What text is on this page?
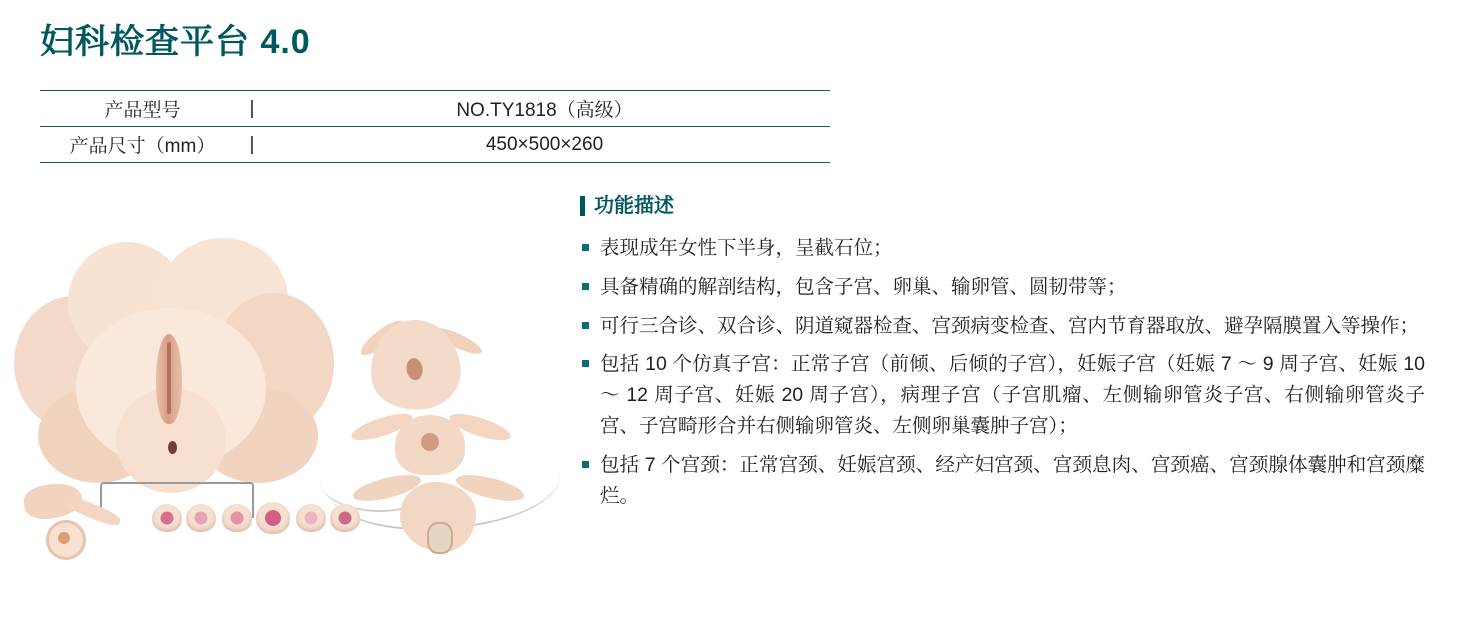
妇科检查平台 4.0
产品型号	|	NO.TY1818（高级）
产品尺寸（mm）	|	450×500×260
功能描述
表现成年女性下半身，呈截石位；
具备精确的解剖结构，包含子宫、卵巢、输卵管、圆韧带等；
可行三合诊、双合诊、阴道窥器检查、宫颈病变检查、宫内节育器取放、避孕隔膜置入等操作；
包括 10 个仿真子宫：正常子宫（前倾、后倾的子宫），妊娠子宫（妊娠 7 ～ 9 周子宫、妊娠 10 ～ 12 周子宫、妊娠 20 周子宫），病理子宫（子宫肌瘤、左侧输卵管炎子宫、右侧输卵管炎子宫、子宫畸形合并右侧输卵管炎、左侧卵巢囊肿子宫）；
包括 7 个宫颈：正常宫颈、妊娠宫颈、经产妇宫颈、宫颈息肉、宫颈癌、宫颈腺体囊肿和宫颈糜烂。
